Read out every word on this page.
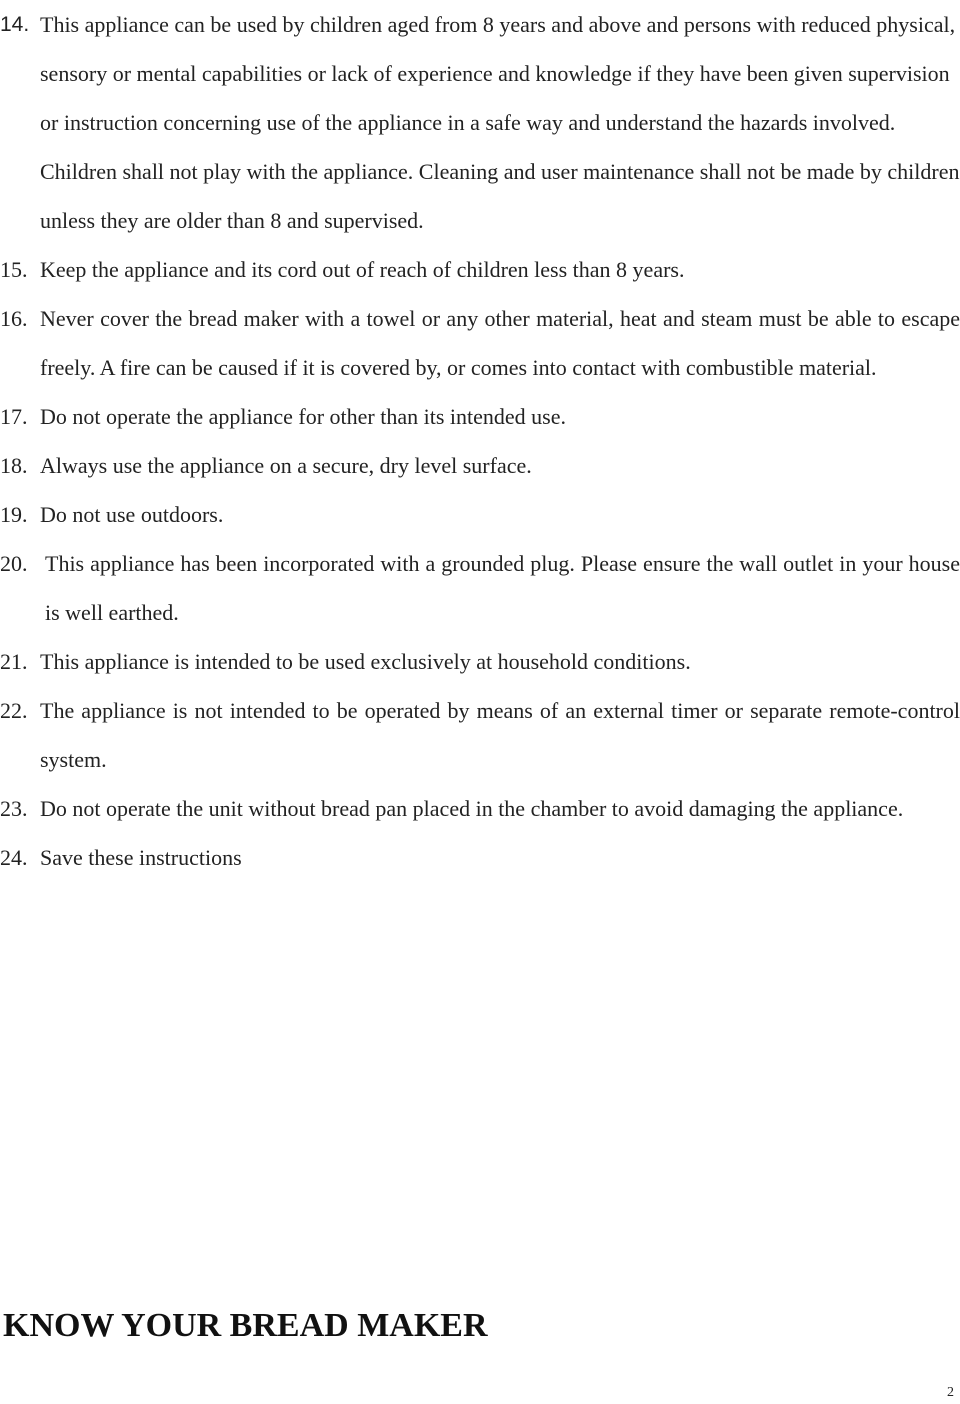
14. This appliance can be used by children aged from 8 years and above and persons with reduced physical, sensory or mental capabilities or lack of experience and knowledge if they have been given supervision or instruction concerning use of the appliance in a safe way and understand the hazards involved. Children shall not play with the appliance. Cleaning and user maintenance shall not be made by children unless they are older than 8 and supervised.
15. Keep the appliance and its cord out of reach of children less than 8 years.
16. Never cover the bread maker with a towel or any other material, heat and steam must be able to escape freely. A fire can be caused if it is covered by, or comes into contact with combustible material.
17. Do not operate the appliance for other than its intended use.
18. Always use the appliance on a secure, dry level surface.
19. Do not use outdoors.
20. This appliance has been incorporated with a grounded plug. Please ensure the wall outlet in your house is well earthed.
21. This appliance is intended to be used exclusively at household conditions.
22. The appliance is not intended to be operated by means of an external timer or separate remote-control system.
23. Do not operate the unit without bread pan placed in the chamber to avoid damaging the appliance.
24. Save these instructions
KNOW YOUR BREAD MAKER
2
